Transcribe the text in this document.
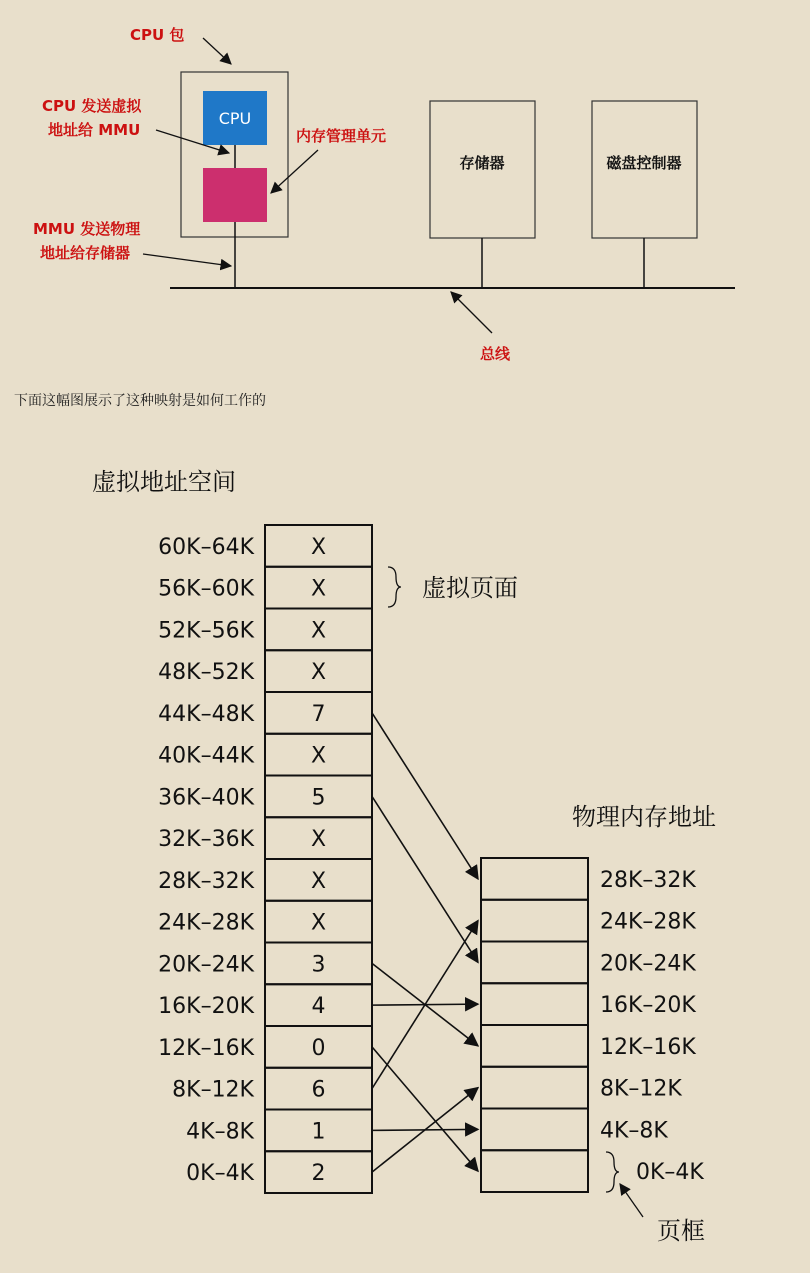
CPU
存储器	磁盘控制器
CPU 包
CPU 发送虚拟
地址给 MMU	内存管理单元
MMU 发送物理
地址给存储器
总线
虚拟地址空间
物理内存地址
60K–64K	X
56K–60K	X
52K–56K	X
48K–52K	X
44K–48K	7
40K–44K	X
36K–40K	5
32K–36K	X
28K–32K	X
24K–28K	X
20K–24K	3
16K–20K	4
12K–16K	0
8K–12K	6
4K–8K	1
0K–4K	2
28K–32K
24K–28K
20K–24K
16K–20K
12K–16K
8K–12K
4K–8K
0K–4K
虚拟页面
页框
下面这幅图展示了这种映射是如何工作的
